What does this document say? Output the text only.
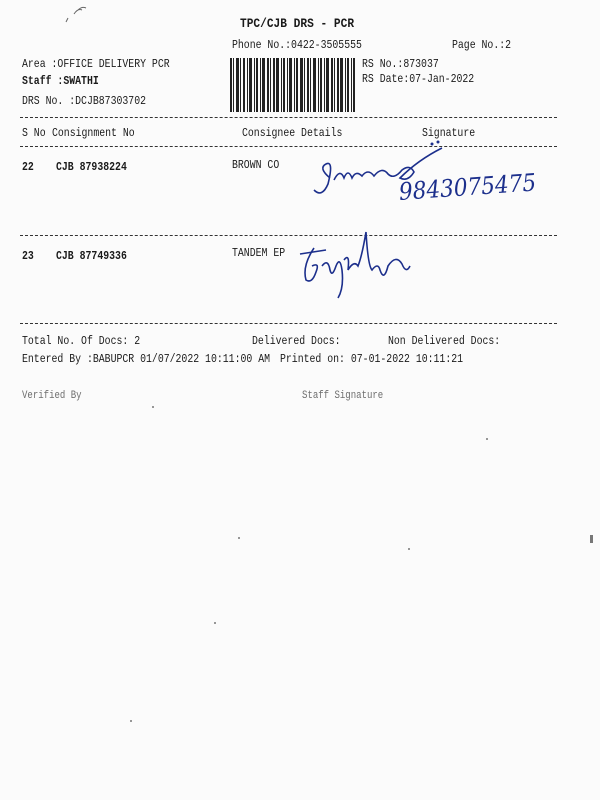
TPC/CJB DRS - PCR
Phone No.:0422-3505555	Page No.:2
Area :OFFICE DELIVERY PCR
Staff :SWATHI
DRS No. :DCJB87303702
RS No.:873037
RS Date:07-Jan-2022
S No Consignment No	Consignee Details	Signature
22 CJB 87938224	BROWN CO
9843075475
23 CJB 87749336	TANDEM EP
Total No. Of Docs: 2	Delivered Docs:	Non Delivered Docs:
Entered By :BABUPCR 01/07/2022 10:11:00 AM Printed on: 07-01-2022 10:11:21
Verified By	Staff Signature
